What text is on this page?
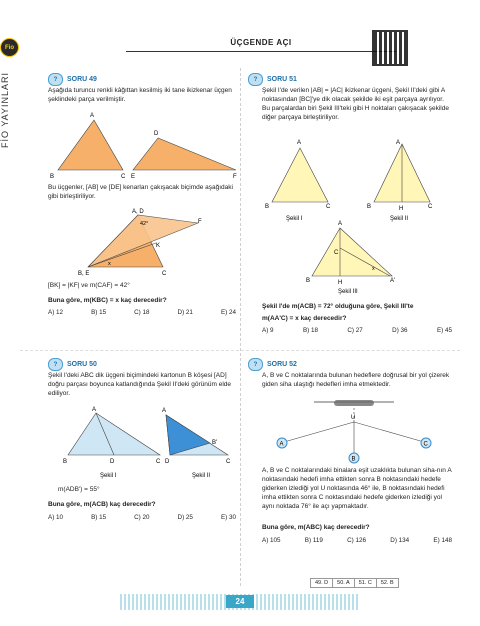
Fio
FİO YAYINLARI
ÜÇGENDE AÇI
?	SORU 49
Aşağıda turuncu renkli kâğıttan kesilmiş iki tane ikizkenar üçgen şeklindeki parça verilmiştir.
A
B	C
D
E	F
Bu üçgenler, [AB] ve [DE] kenarları çakışacak biçimde aşağıdaki gibi birleştiriliyor.
A, D
42°	F
K
B, E	C
x
[BK] = |KF| ve m(CAF) = 42°
Buna göre, m(KBC) = x kaç derecedir?
A) 12	B) 15	C) 18	D) 21	E) 24
?	SORU 50
Şekil I'deki ABC dik üçgeni biçimindeki kartonun B köşesi [AD] doğru parçası boyunca katlandığında Şekil II'deki görünüm elde ediliyor.
A
B	D	C
A
D
B'
C
Şekil I	Şekil II
m(ADB') = 55°
Buna göre, m(ACB) kaç derecedir?
A) 10	B) 15	C) 20	D) 25	E) 30
?	SORU 51
Şekil I'de verilen |AB| = |AC| ikizkenar üçgeni, Şekil II'deki gibi A noktasından [BC]'ye dik olacak şekilde iki eşit parçaya ayrılıyor. Bu parçalardan biri Şekil III'teki gibi H noktaları çakışacak şekilde diğer parçaya birleştiriliyor.
A
B	C
Şekil I
A
B	H	C
Şekil II
A
C
B	H	A'
x
Şekil III
Şekil I'de m(ACB) = 72° olduğuna göre, Şekil III'te
m(AA'C) = x kaç derecedir?
A) 9	B) 18	C) 27	D) 36	E) 45
?	SORU 52
A, B ve C noktalarında bulunan hedeflere doğrusal bir yol çizerek giden siha ulaştığı hedefleri imha etmektedir.
U
A
B
C
A, B ve C noktalarındaki binalara eşit uzaklıkta bulunan siha-nın A noktasındaki hedefi imha ettikten sonra B noktasındaki hedefe giderken izlediği yol U noktasında 46° ile, B noktasındaki hedefi imha ettikten sonra C noktasındaki hedefe giderken izlediği yol aynı noktada 76° ile açı yapmaktadır.
Buna göre, m(ABC) kaç derecedir?
A) 105	B) 119	C) 126	D) 134	E) 148
49. D	50. A	51. C	52. B
24
